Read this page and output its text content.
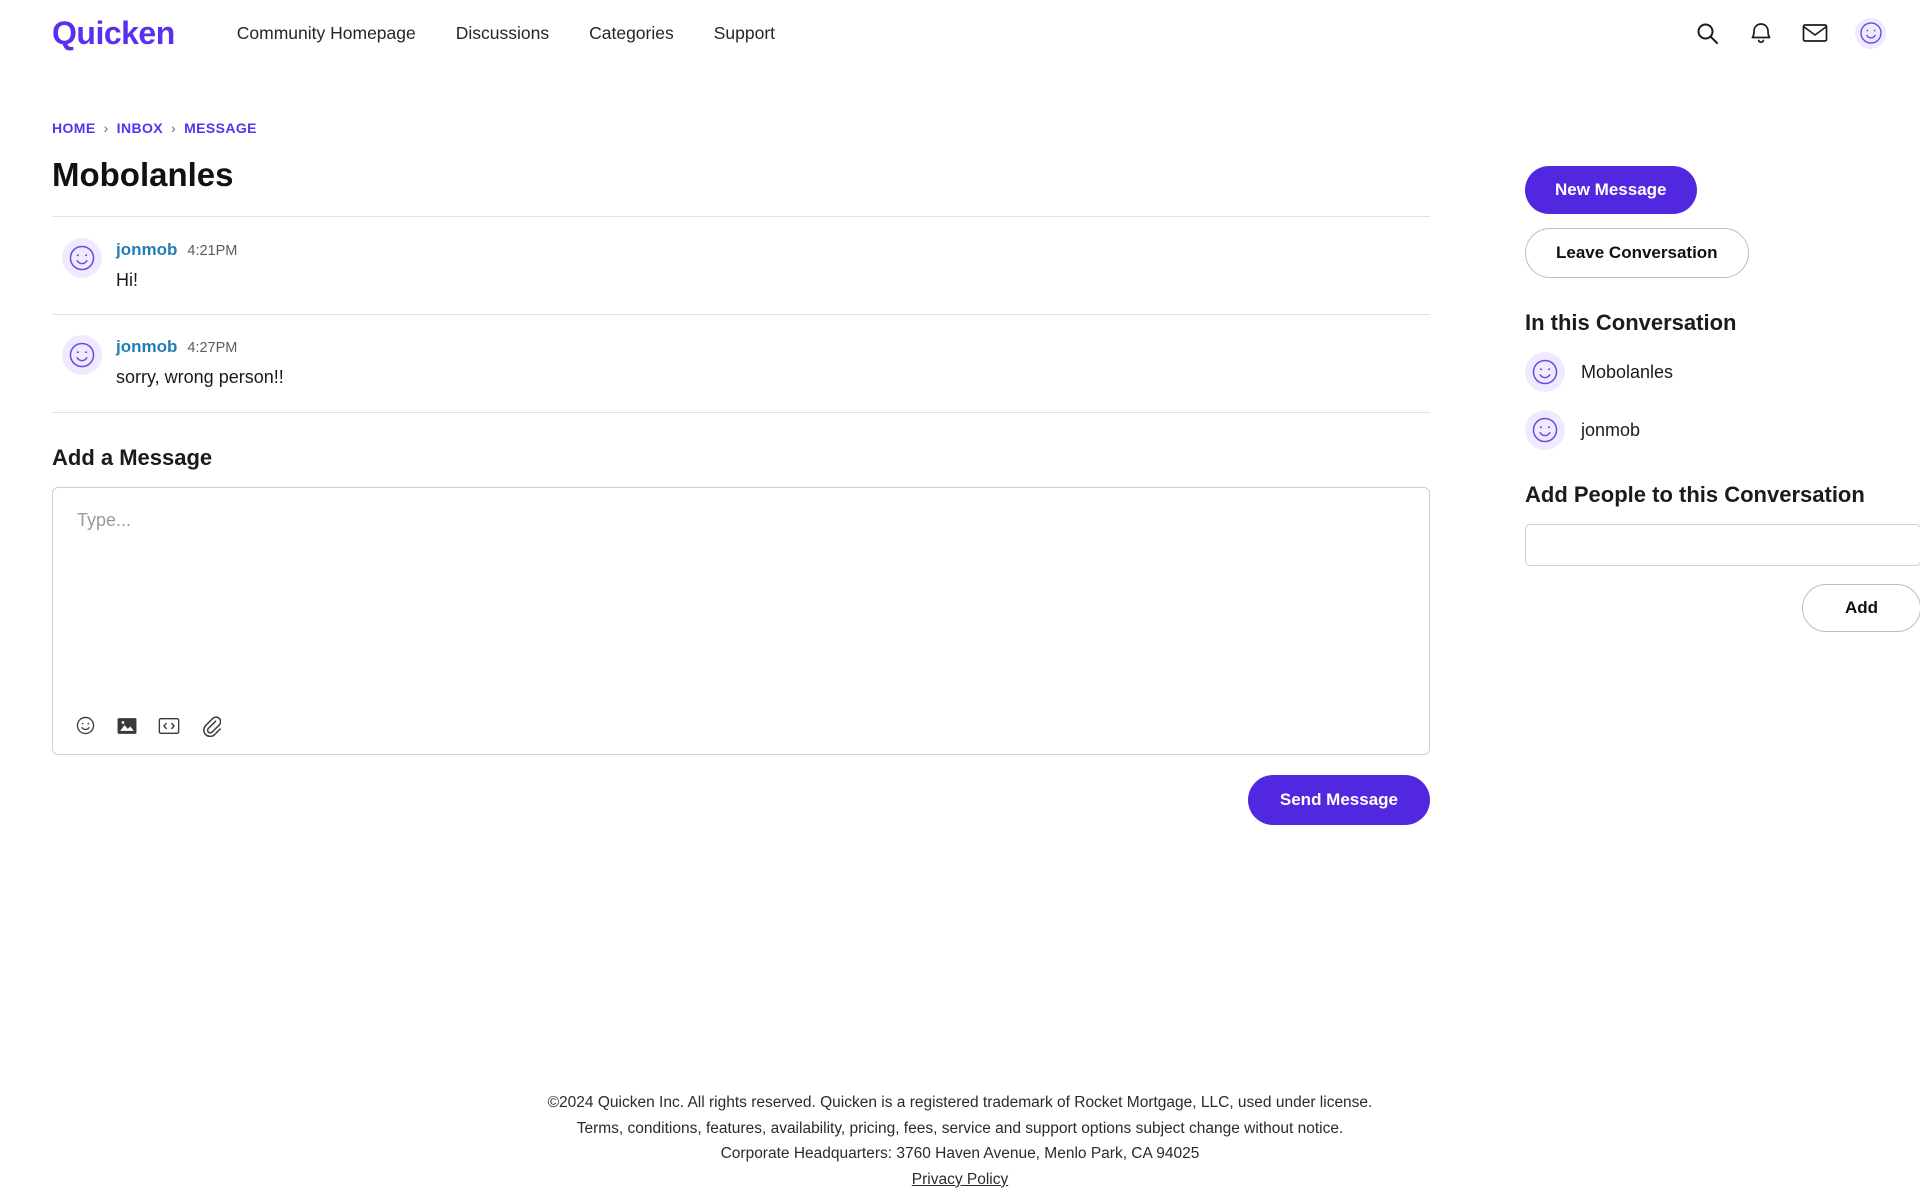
Quicken	Community Homepage Discussions Categories Support
HOME › INBOX › MESSAGE
Mobolanles
jonmob 4:21PM
Hi!
jonmob 4:27PM
sorry, wrong person!!
Add a Message
Type...
Send Message
New Message
Leave Conversation
In this Conversation
Mobolanles
jonmob
Add People to this Conversation
Add
©2024 Quicken Inc. All rights reserved. Quicken is a registered trademark of Rocket Mortgage, LLC, used under license.
Terms, conditions, features, availability, pricing, fees, service and support options subject change without notice.
Corporate Headquarters: 3760 Haven Avenue, Menlo Park, CA 94025
Privacy Policy
